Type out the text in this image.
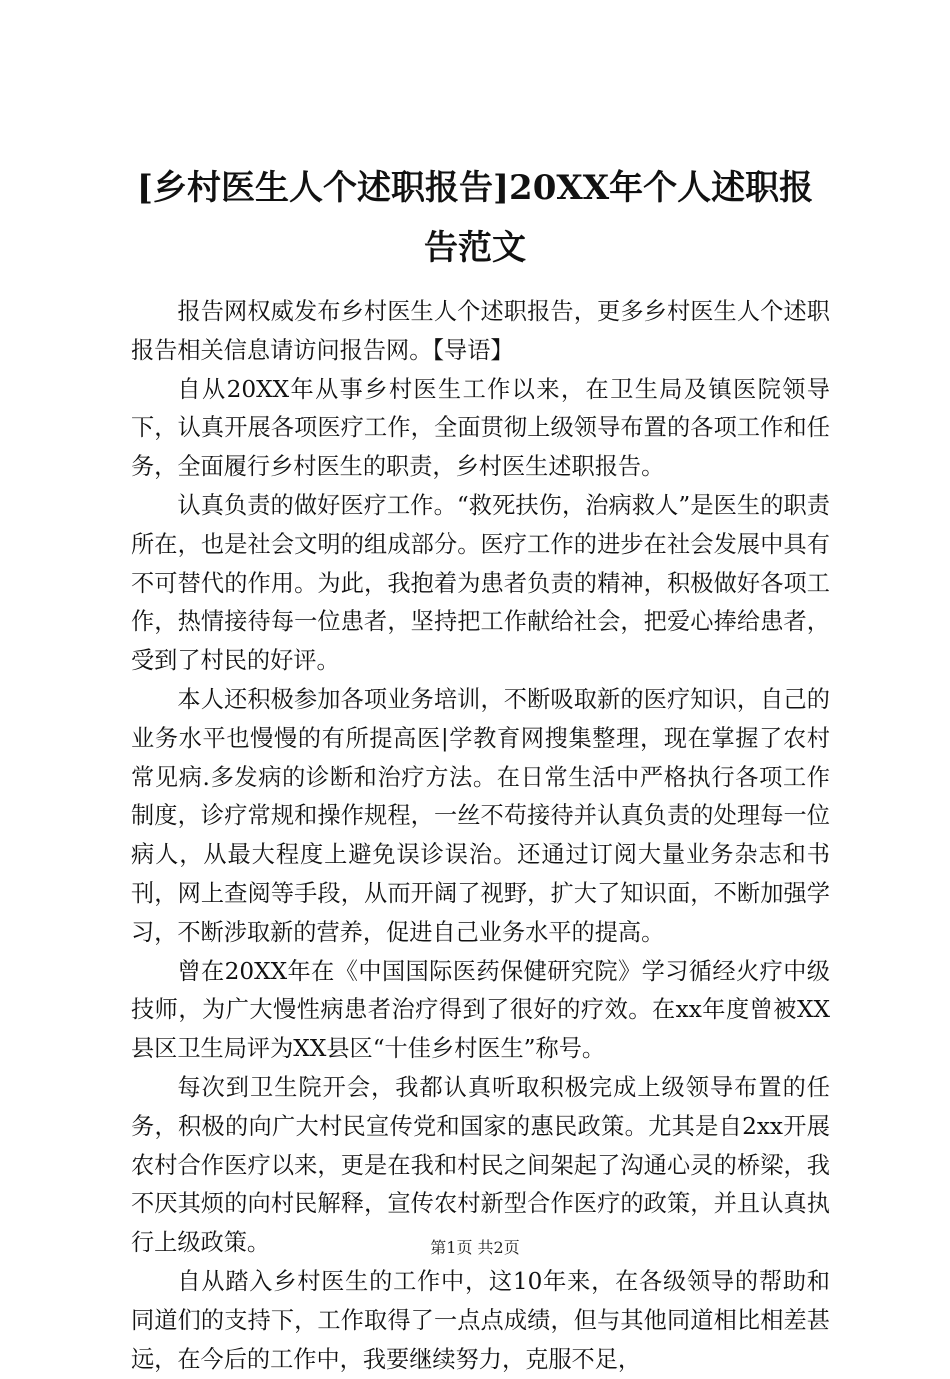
[乡村医生人个述职报告]20XX年个人述职报告范文

报告网权威发布乡村医生人个述职报告，更多乡村医生人个述职报告相关信息请访问报告网。【导语】

自从20XX年从事乡村医生工作以来，在卫生局及镇医院领导下，认真开展各项医疗工作，全面贯彻上级领导布置的各项工作和任务，全面履行乡村医生的职责，乡村医生述职报告。

认真负责的做好医疗工作。“救死扶伤，治病救人”是医生的职责所在，也是社会文明的组成部分。医疗工作的进步在社会发展中具有不可替代的作用。为此，我抱着为患者负责的精神，积极做好各项工作，热情接待每一位患者，坚持把工作献给社会，把爱心捧给患者，受到了村民的好评。

本人还积极参加各项业务培训，不断吸取新的医疗知识，自己的业务水平也慢慢的有所提高医|学教育网搜集整理，现在掌握了农村常见病.多发病的诊断和治疗方法。在日常生活中严格执行各项工作制度，诊疗常规和操作规程，一丝不苟接待并认真负责的处理每一位病人，从最大程度上避免误诊误治。还通过订阅大量业务杂志和书刊，网上查阅等手段，从而开阔了视野，扩大了知识面，不断加强学习，不断涉取新的营养，促进自己业务水平的提高。

曾在20XX年在《中国国际医药保健研究院》学习循经火疗中级技师，为广大慢性病患者治疗得到了很好的疗效。在xx年度曾被XX县区卫生局评为XX县区“十佳乡村医生”称号。

每次到卫生院开会，我都认真听取积极完成上级领导布置的任务，积极的向广大村民宣传党和国家的惠民政策。尤其是自2xx开展农村合作医疗以来，更是在我和村民之间架起了沟通心灵的桥梁，我不厌其烦的向村民解释，宣传农村新型合作医疗的政策，并且认真执行上级政策。

自从踏入乡村医生的工作中，这10年来，在各级领导的帮助和同道们的支持下，工作取得了一点点成绩，但与其他同道相比相差甚远，在今后的工作中，我要继续努力，克服不足，

第1页 共2页
